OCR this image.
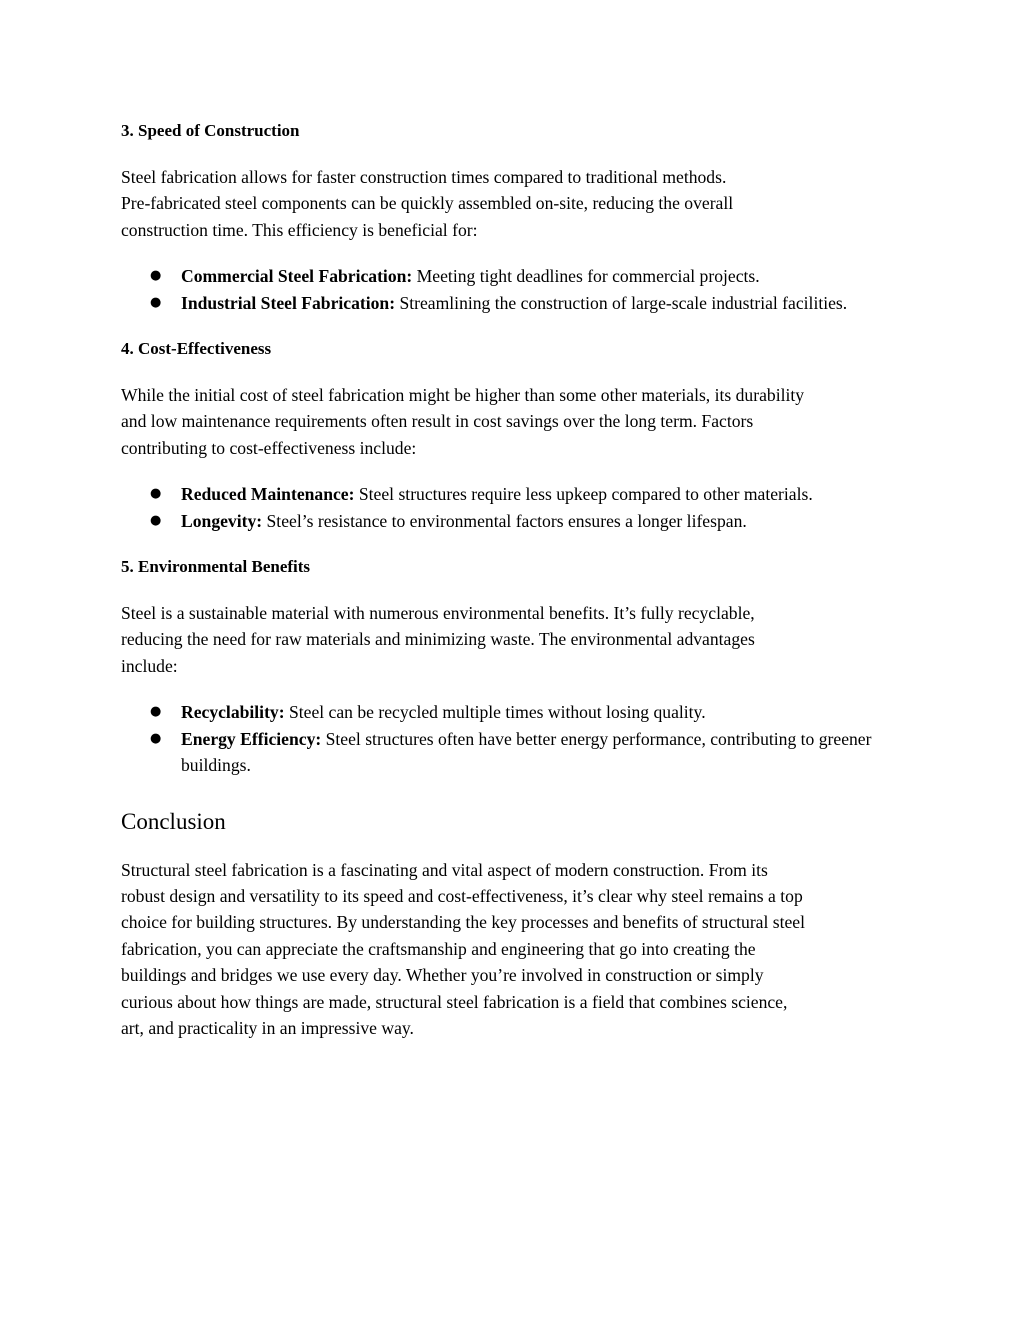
3. Speed of Construction
Steel fabrication allows for faster construction times compared to traditional methods.
Pre-fabricated steel components can be quickly assembled on-site, reducing the overall
construction time. This efficiency is beneficial for:
● Commercial Steel Fabrication: Meeting tight deadlines for commercial projects.
● Industrial Steel Fabrication: Streamlining the construction of large-scale industrial facilities.
4. Cost-Effectiveness
While the initial cost of steel fabrication might be higher than some other materials, its durability
and low maintenance requirements often result in cost savings over the long term. Factors
contributing to cost-effectiveness include:
● Reduced Maintenance: Steel structures require less upkeep compared to other materials.
● Longevity: Steel’s resistance to environmental factors ensures a longer lifespan.
5. Environmental Benefits
Steel is a sustainable material with numerous environmental benefits. It’s fully recyclable,
reducing the need for raw materials and minimizing waste. The environmental advantages
include:
● Recyclability: Steel can be recycled multiple times without losing quality.
● Energy Efficiency: Steel structures often have better energy performance, contributing to greener buildings.
Conclusion
Structural steel fabrication is a fascinating and vital aspect of modern construction. From its
robust design and versatility to its speed and cost-effectiveness, it’s clear why steel remains a top
choice for building structures. By understanding the key processes and benefits of structural steel
fabrication, you can appreciate the craftsmanship and engineering that go into creating the
buildings and bridges we use every day. Whether you’re involved in construction or simply
curious about how things are made, structural steel fabrication is a field that combines science,
art, and practicality in an impressive way.
